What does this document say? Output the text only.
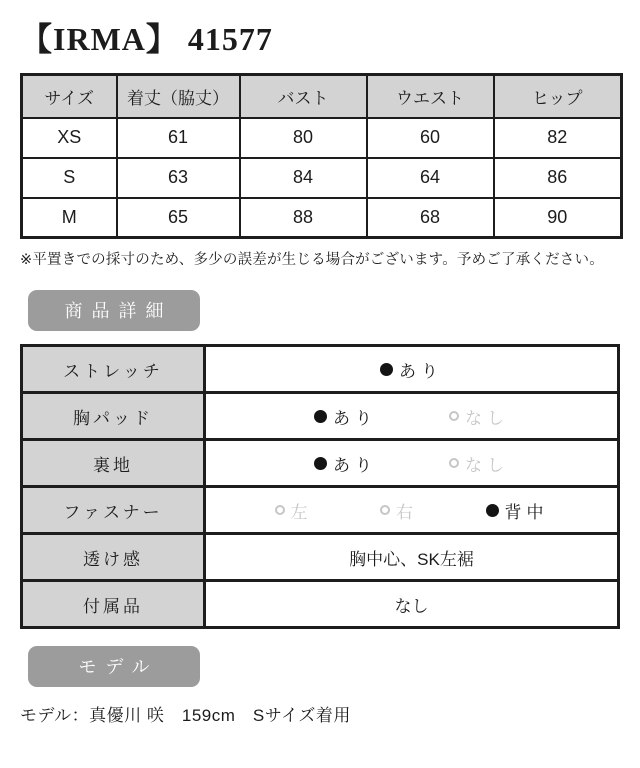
【IRMA】 41577
サイズ	着丈（脇丈）	バスト	ウエスト	ヒップ
XS	61	80	60	82
S	63	84	64	86
M	65	88	68	90

※平置きでの採寸のため、多少の誤差が生じる場合がございます。予めご了承ください。

商品詳細
ストレッチ	あり

胸パッド	あり なし

裏地	あり なし

ファスナー	左 右 背中

透け感	胸中心、SK左裾
付属品	なし
モデル

モデル：真優川 咲　159cm　Sサイズ着用
